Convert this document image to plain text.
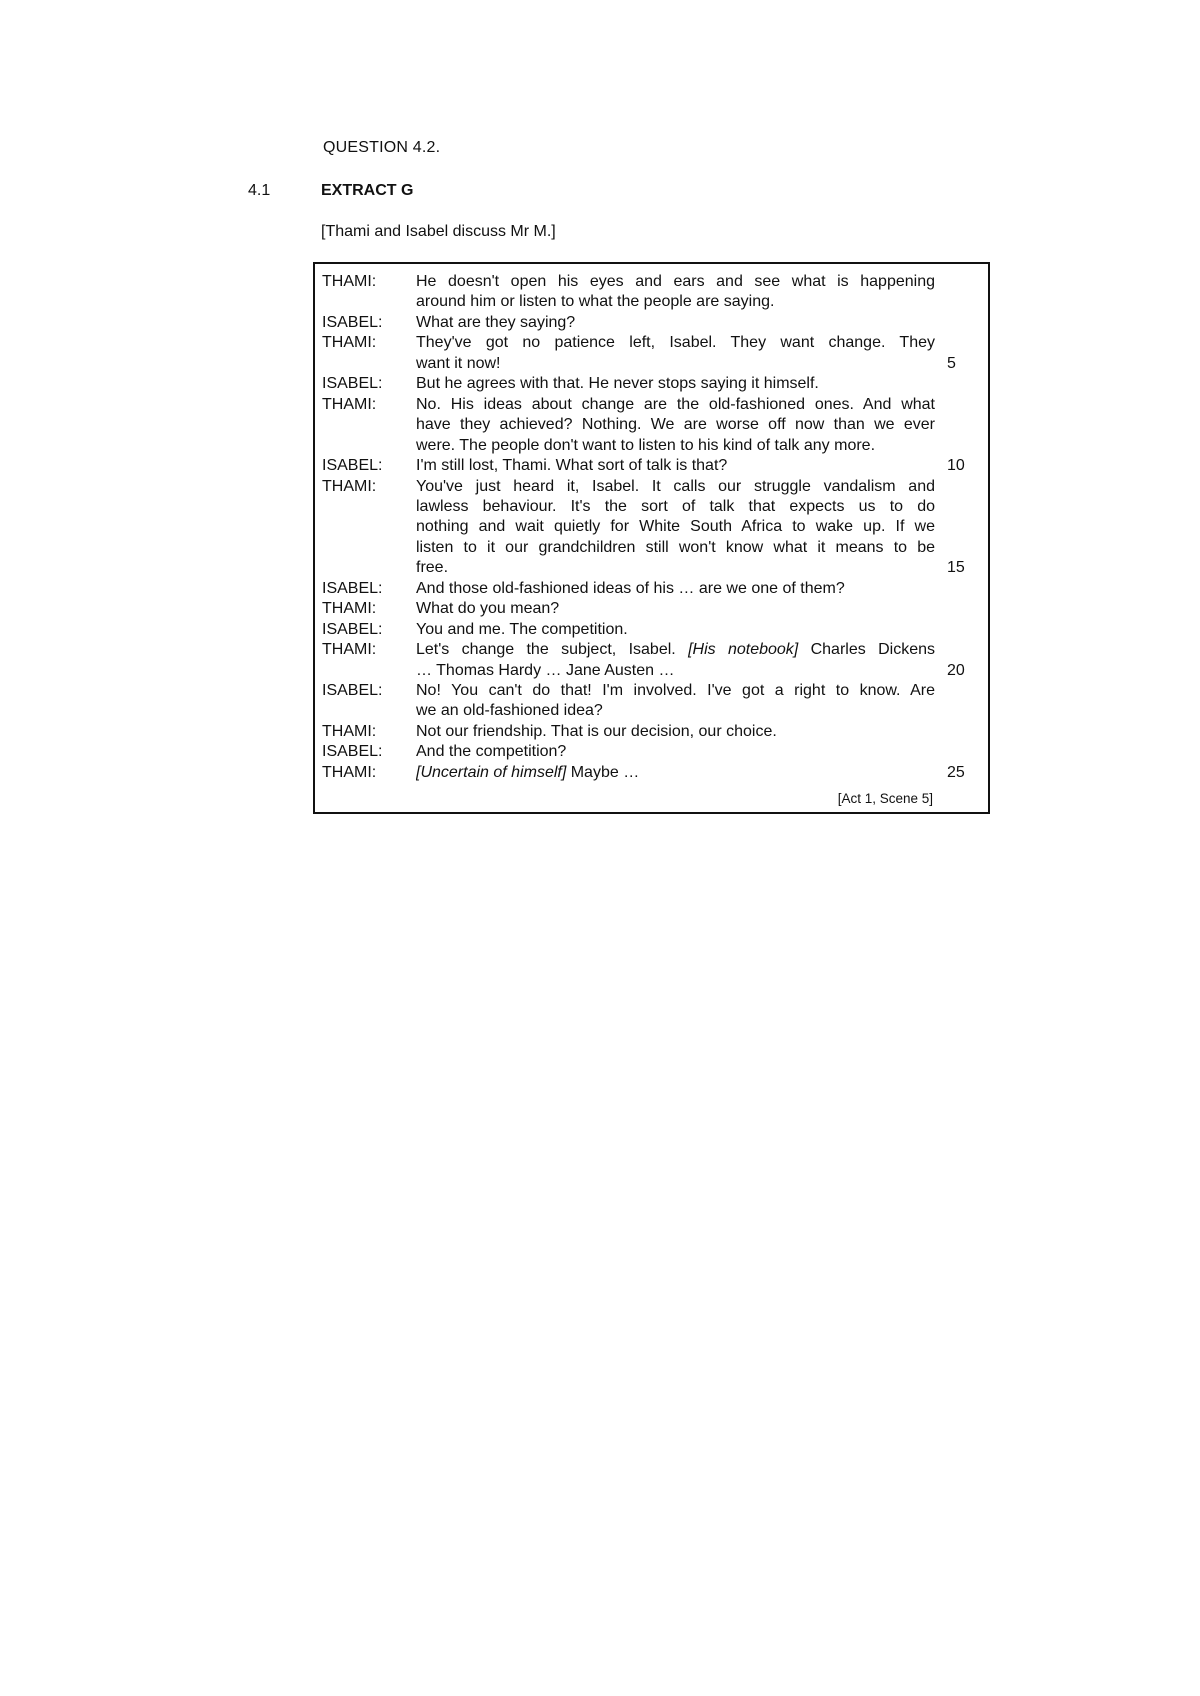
QUESTION 4.2.
4.1	EXTRACT G
[Thami and Isabel discuss Mr M.]
THAMI:	He doesn't open his eyes and ears and see what is happening
around him or listen to what the people are saying.
ISABEL:	What are they saying?
THAMI:	They've got no patience left, Isabel. They want change. They
want it now!	5
ISABEL:	But he agrees with that. He never stops saying it himself.
THAMI:	No. His ideas about change are the old-fashioned ones. And what
have they achieved? Nothing. We are worse off now than we ever
were. The people don't want to listen to his kind of talk any more.
ISABEL:	I'm still lost, Thami. What sort of talk is that?	10
THAMI:	You've just heard it, Isabel. It calls our struggle vandalism and
lawless behaviour. It's the sort of talk that expects us to do
nothing and wait quietly for White South Africa to wake up. If we
listen to it our grandchildren still won't know what it means to be
free.	15
ISABEL:	And those old-fashioned ideas of his … are we one of them?
THAMI:	What do you mean?
ISABEL:	You and me. The competition.
THAMI:	Let's change the subject, Isabel. [His notebook] Charles Dickens
… Thomas Hardy … Jane Austen …	20
ISABEL:	No! You can't do that! I'm involved. I've got a right to know. Are
we an old-fashioned idea?
THAMI:	Not our friendship. That is our decision, our choice.
ISABEL:	And the competition?
THAMI:	[Uncertain of himself] Maybe …	25
[Act 1, Scene 5]
